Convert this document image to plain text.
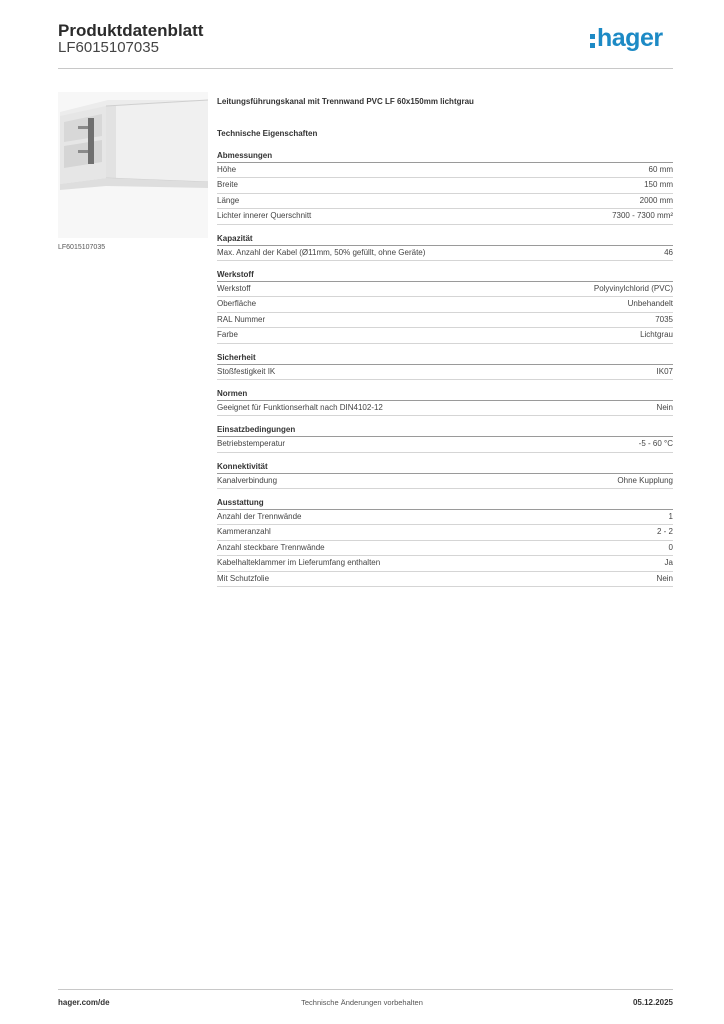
Produktdatenblatt
LF6015107035	hager
LF6015107035
Leitungsführungskanal mit Trennwand PVC LF 60x150mm lichtgrau
Technische Eigenschaften
Abmessungen
Höhe	60 mm
Breite	150 mm
Länge	2000 mm
Lichter innerer Querschnitt	7300 - 7300 mm²
Kapazität
Max. Anzahl der Kabel (Ø11mm, 50% gefüllt, ohne Geräte)	46
Werkstoff
Werkstoff	Polyvinylchlorid (PVC)
Oberfläche	Unbehandelt
RAL Nummer	7035
Farbe	Lichtgrau
Sicherheit
Stoßfestigkeit IK	IK07
Normen
Geeignet für Funktionserhalt nach DIN4102-12	Nein
Einsatzbedingungen
Betriebstemperatur	-5 - 60 °C
Konnektivität
Kanalverbindung	Ohne Kupplung
Ausstattung
Anzahl der Trennwände	1
Kammeranzahl	2 - 2
Anzahl steckbare Trennwände	0
Kabelhalteklammer im Lieferumfang enthalten	Ja
Mit Schutzfolie	Nein
hager.com/de	Technische Änderungen vorbehalten	05.12.2025
